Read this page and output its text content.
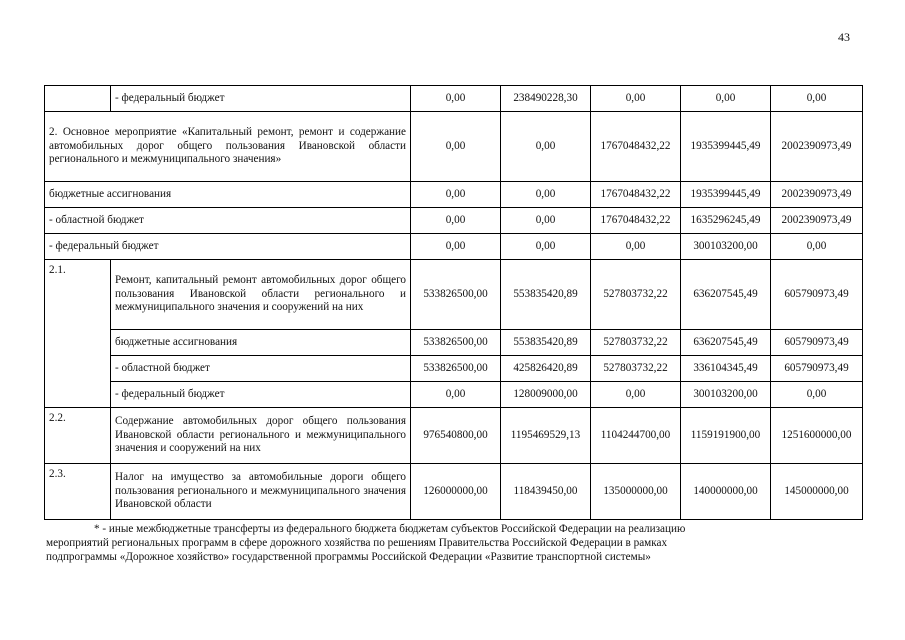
43
	- федеральный бюджет	0,00	238490228,30	0,00	0,00	0,00
2. Основное мероприятие «Капитальный ремонт, ремонт и содержание автомобильных дорог общего пользования Ивановской области регионального и межмуниципального значения»		0,00	0,00	1767048432,22	1935399445,49	2002390973,49
бюджетные ассигнования		0,00	0,00	1767048432,22	1935399445,49	2002390973,49
- областной бюджет		0,00	0,00	1767048432,22	1635296245,49	2002390973,49
- федеральный бюджет		0,00	0,00	0,00	300103200,00	0,00
2.1.	Ремонт, капитальный ремонт автомобильных дорог общего пользования Ивановской области регионального и межмуниципального значения и сооружений на них	533826500,00	553835420,89	527803732,22	636207545,49	605790973,49
	бюджетные ассигнования	533826500,00	553835420,89	527803732,22	636207545,49	605790973,49
	- областной бюджет	533826500,00	425826420,89	527803732,22	336104345,49	605790973,49
	- федеральный бюджет	0,00	128009000,00	0,00	300103200,00	0,00
2.2.	Содержание автомобильных дорог общего пользования Ивановской области регионального и межмуниципального значения и сооружений на них	976540800,00	1195469529,13	1104244700,00	1159191900,00	1251600000,00
2.3.	Налог на имущество за автомобильные дороги общего пользования регионального и межмуниципального значения Ивановской области	126000000,00	118439450,00	135000000,00	140000000,00	145000000,00
* - иные межбюджетные трансферты из федерального бюджета бюджетам субъектов Российской Федерации на реализацию
мероприятий региональных программ в сфере дорожного хозяйства по решениям Правительства Российской Федерации в рамках
подпрограммы «Дорожное хозяйство» государственной программы Российской Федерации «Развитие транспортной системы»
